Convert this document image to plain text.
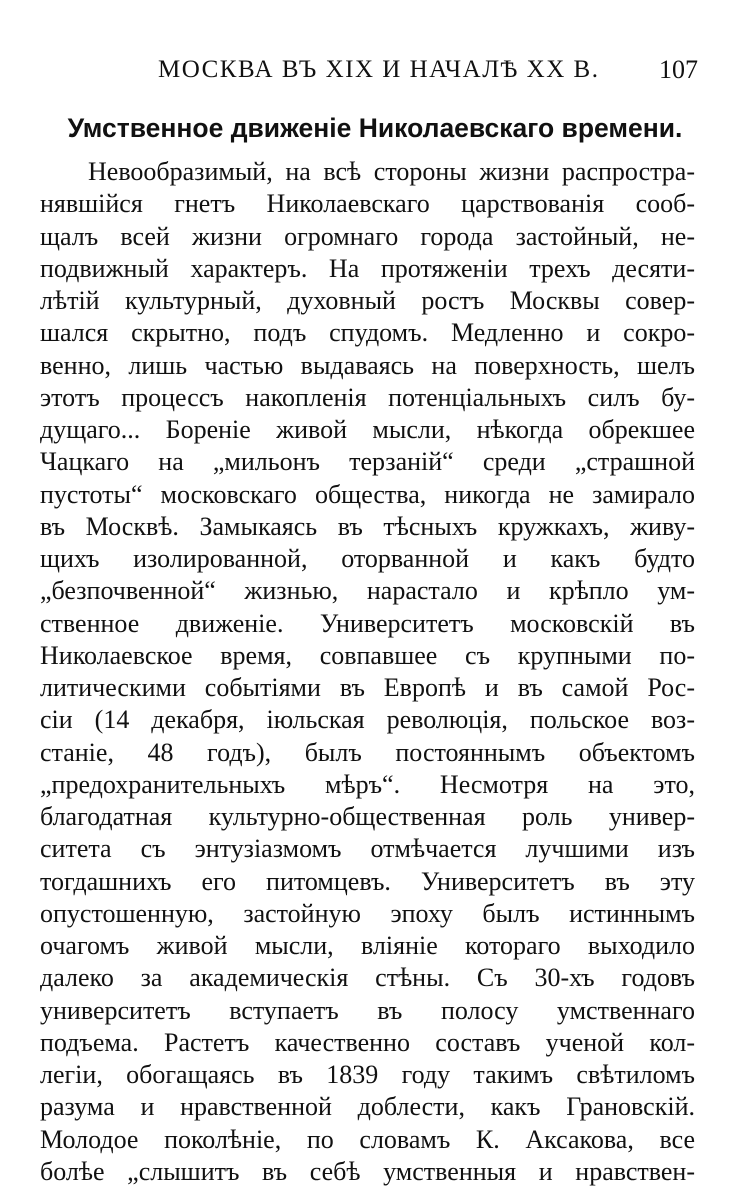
МОСКВА ВЪ XIX И НАЧАЛѢ XX В. 107
Умственное движеніе Николаевскаго времени.
Невообразимый, на всѣ стороны жизни распростра-
нявшійся гнетъ Николаевскаго царствованія сооб-
щалъ всей жизни огромнаго города застойный, не-
подвижный характеръ. На протяженіи трехъ десяти-
лѣтій культурный, духовный ростъ Москвы совер-
шался скрытно, подъ спудомъ. Медленно и сокро-
венно, лишь частью выдаваясь на поверхность, шелъ
этотъ процессъ накопленія потенціальныхъ силъ бу-
дущаго... Бореніе живой мысли, нѣкогда обрекшее
Чацкаго на „мильонъ терзаній“ среди „страшной
пустоты“ московскаго общества, никогда не замирало
въ Москвѣ. Замыкаясь въ тѣсныхъ кружкахъ, живу-
щихъ изолированной, оторванной и какъ будто
„безпочвенной“ жизнью, нарастало и крѣпло ум-
ственное движеніе. Университетъ московскій въ
Николаевское время, совпавшее съ крупными по-
литическими событіями въ Европѣ и въ самой Рос-
сіи (14 декабря, іюльская революція, польское воз-
станіе, 48 годъ), былъ постояннымъ объектомъ
„предохранительныхъ мѣръ“. Несмотря на это,
благодатная культурно-общественная роль универ-
ситета съ энтузіазмомъ отмѣчается лучшими изъ
тогдашнихъ его питомцевъ. Университетъ въ эту
опустошенную, застойную эпоху былъ истиннымъ
очагомъ живой мысли, вліяніе котораго выходило
далеко за академическія стѣны. Съ 30-хъ годовъ
университетъ вступаетъ въ полосу умственнаго
подъема. Растетъ качественно составъ ученой кол-
легіи, обогащаясь въ 1839 году такимъ свѣтиломъ
разума и нравственной доблести, какъ Грановскій.
Молодое поколѣніе, по словамъ К. Аксакова, все
болѣе „слышитъ въ себѣ умственныя и нравствен-
